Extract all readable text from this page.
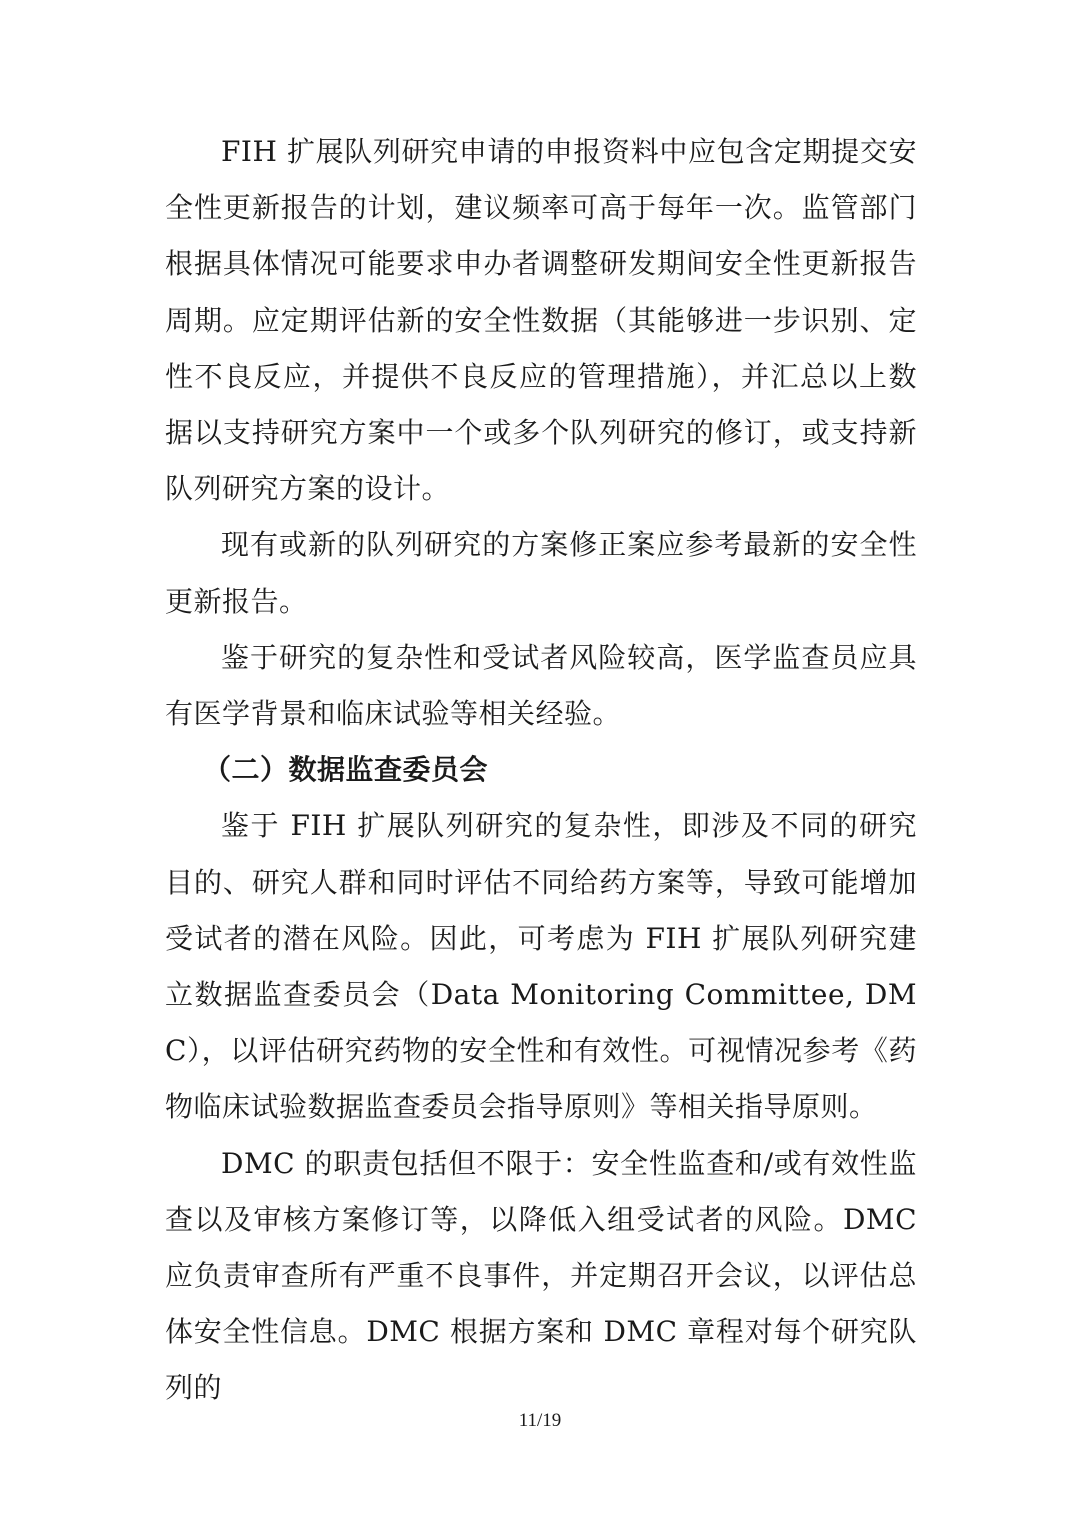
FIH 扩展队列研究申请的申报资料中应包含定期提交安全性更新报告的计划，建议频率可高于每年一次。监管部门根据具体情况可能要求申办者调整研发期间安全性更新报告周期。应定期评估新的安全性数据（其能够进一步识别、定性不良反应，并提供不良反应的管理措施），并汇总以上数据以支持研究方案中一个或多个队列研究的修订，或支持新队列研究方案的设计。

现有或新的队列研究的方案修正案应参考最新的安全性更新报告。

鉴于研究的复杂性和受试者风险较高，医学监查员应具有医学背景和临床试验等相关经验。

（二）数据监查委员会

鉴于 FIH 扩展队列研究的复杂性，即涉及不同的研究目的、研究人群和同时评估不同给药方案等，导致可能增加受试者的潜在风险。因此，可考虑为 FIH 扩展队列研究建立数据监查委员会（Data Monitoring Committee, DMC），以评估研究药物的安全性和有效性。可视情况参考《药物临床试验数据监查委员会指导原则》等相关指导原则。

DMC 的职责包括但不限于：安全性监查和/或有效性监查以及审核方案修订等，以降低入组受试者的风险。DMC 应负责审查所有严重不良事件，并定期召开会议，以评估总体安全性信息。DMC 根据方案和 DMC 章程对每个研究队列的

11/19
